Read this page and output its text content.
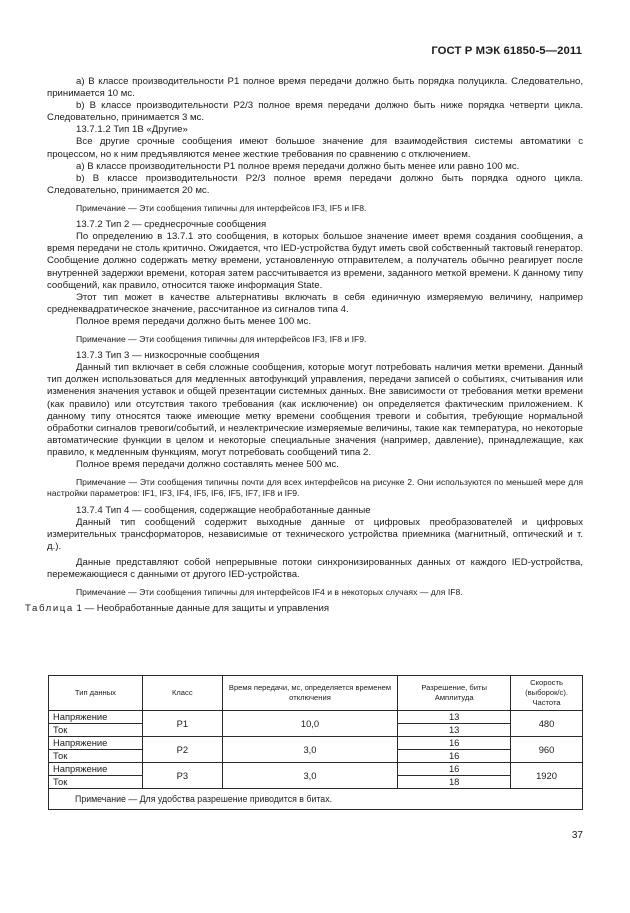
ГОСТ Р МЭК 61850-5—2011

a) В классе производительности P1 полное время передачи должно быть порядка полуцикла. Следовательно, принимается 10 мс.

b) В классе производительности P2/3 полное время передачи должно быть ниже порядка четверти цикла. Следовательно, принимается 3 мс.

13.7.1.2 Тип 1В «Другие»

Все другие срочные сообщения имеют большое значение для взаимодействия системы автоматики с процессом, но к ним предъявляются менее жесткие требования по сравнению с отключением.

a) В классе производительности P1 полное время передачи должно быть менее или равно 100 мс.

b) В классе производительности P2/3 полное время передачи должно быть порядка одного цикла. Следовательно, принимается 20 мс.

Примечание — Эти сообщения типичны для интерфейсов IF3, IF5 и IF8.

13.7.2 Тип 2 — среднесрочные сообщения

По определению в 13.7.1 это сообщения, в которых большое значение имеет время создания сообщения, а время передачи не столь критично. Ожидается, что IED-устройства будут иметь свой собственный тактовый генератор. Сообщение должно содержать метку времени, установленную отправителем, а получатель обычно реагирует после внутренней задержки времени, которая затем рассчитывается из времени, заданного меткой времени. К данному типу сообщений, как правило, относится также информация State.

Этот тип может в качестве альтернативы включать в себя единичную измеряемую величину, например среднеквадратическое значение, рассчитанное из сигналов типа 4.

Полное время передачи должно быть менее 100 мс.

Примечание — Эти сообщения типичны для интерфейсов IF3, IF8 и IF9.

13.7.3 Тип 3 — низкосрочные сообщения

Данный тип включает в себя сложные сообщения, которые могут потребовать наличия метки времени. Данный тип должен использоваться для медленных автофункций управления, передачи записей о событиях, считывания или изменения значения уставок и общей презентации системных данных. Вне зависимости от требования метки времени (как правило) или отсутствия такого требования (как исключение) он определяется фактическим приложением. К данному типу относятся также имеющие метку времени сообщения тревоги и события, требующие нормальной обработки сигналов тревоги/событий, и неэлектрические измеряемые величины, такие как температура, но некоторые автоматические функции в целом и некоторые специальные значения (например, давление), принадлежащие, как правило, к медленным функциям, могут потребовать сообщений типа 2.

Полное время передачи должно составлять менее 500 мс.

Примечание — Эти сообщения типичны почти для всех интерфейсов на рисунке 2. Они используются по меньшей мере для настройки параметров: IF1, IF3, IF4, IF5, IF6, IF5, IF7, IF8 и IF9.

13.7.4 Тип 4 — сообщения, содержащие необработанные данные

Данный тип сообщений содержит выходные данные от цифровых преобразователей и цифровых измерительных трансформаторов, независимые от технического устройства приемника (магнитный, оптический и т. д.).

Данные представляют собой непрерывные потоки синхронизированных данных от каждого IED-устройства, перемежающиеся с данными от другого IED-устройства.

Примечание — Эти сообщения типичны для интерфейсов IF4 и в некоторых случаях — для IF8.

Таблица 1 — Необработанные данные для защиты и управления

Тип данных	Класс	Время передачи, мс, определяется временем отключения	Разрешение, биты Амплитуда	Скорость (выборок/с). Частота
Напряжение	P1	10,0	13	480
Ток			13	
Напряжение	P2	3,0	16	960
Ток			16	
Напряжение	P3	3,0	16	1920
Ток			18	
Примечание — Для удобства разрешение приводится в битах.				
37
